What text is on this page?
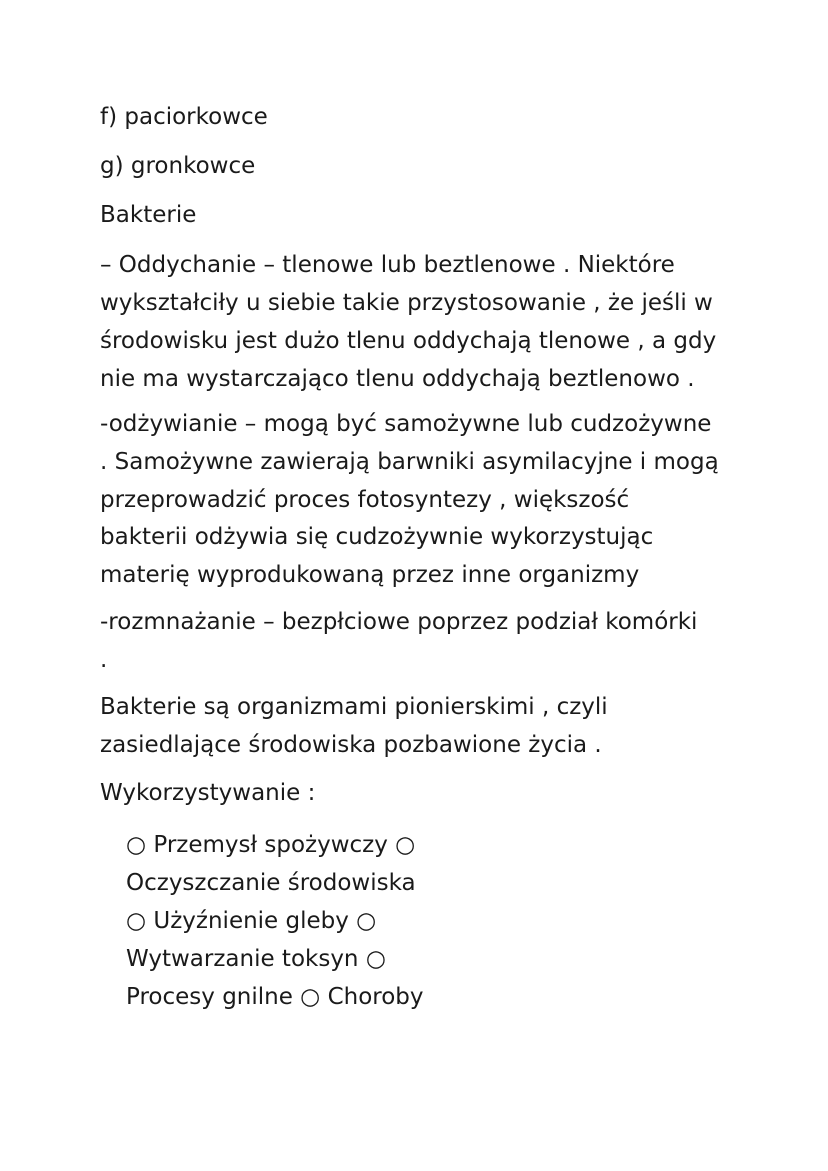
f) paciorkowce
g) gronkowce
Bakterie
– Oddychanie – tlenowe lub beztlenowe . Niektóre
wykształciły u siebie takie przystosowanie , że jeśli w
środowisku jest dużo tlenu oddychają tlenowe , a gdy
nie ma wystarczająco tlenu oddychają beztlenowo .
-odżywianie – mogą być samożywne lub cudzożywne
. Samożywne zawierają barwniki asymilacyjne i mogą
przeprowadzić proces fotosyntezy , większość
bakterii odżywia się cudzożywnie wykorzystując
materię wyprodukowaną przez inne organizmy
-rozmnażanie – bezpłciowe poprzez podział komórki
.
Bakterie są organizmami pionierskimi , czyli
zasiedlające środowiska pozbawione życia .
Wykorzystywanie :
○ Przemysł spożywczy ○
Oczyszczanie środowiska
○ Użyźnienie gleby ○
Wytwarzanie toksyn ○
Procesy gnilne ○ Choroby
